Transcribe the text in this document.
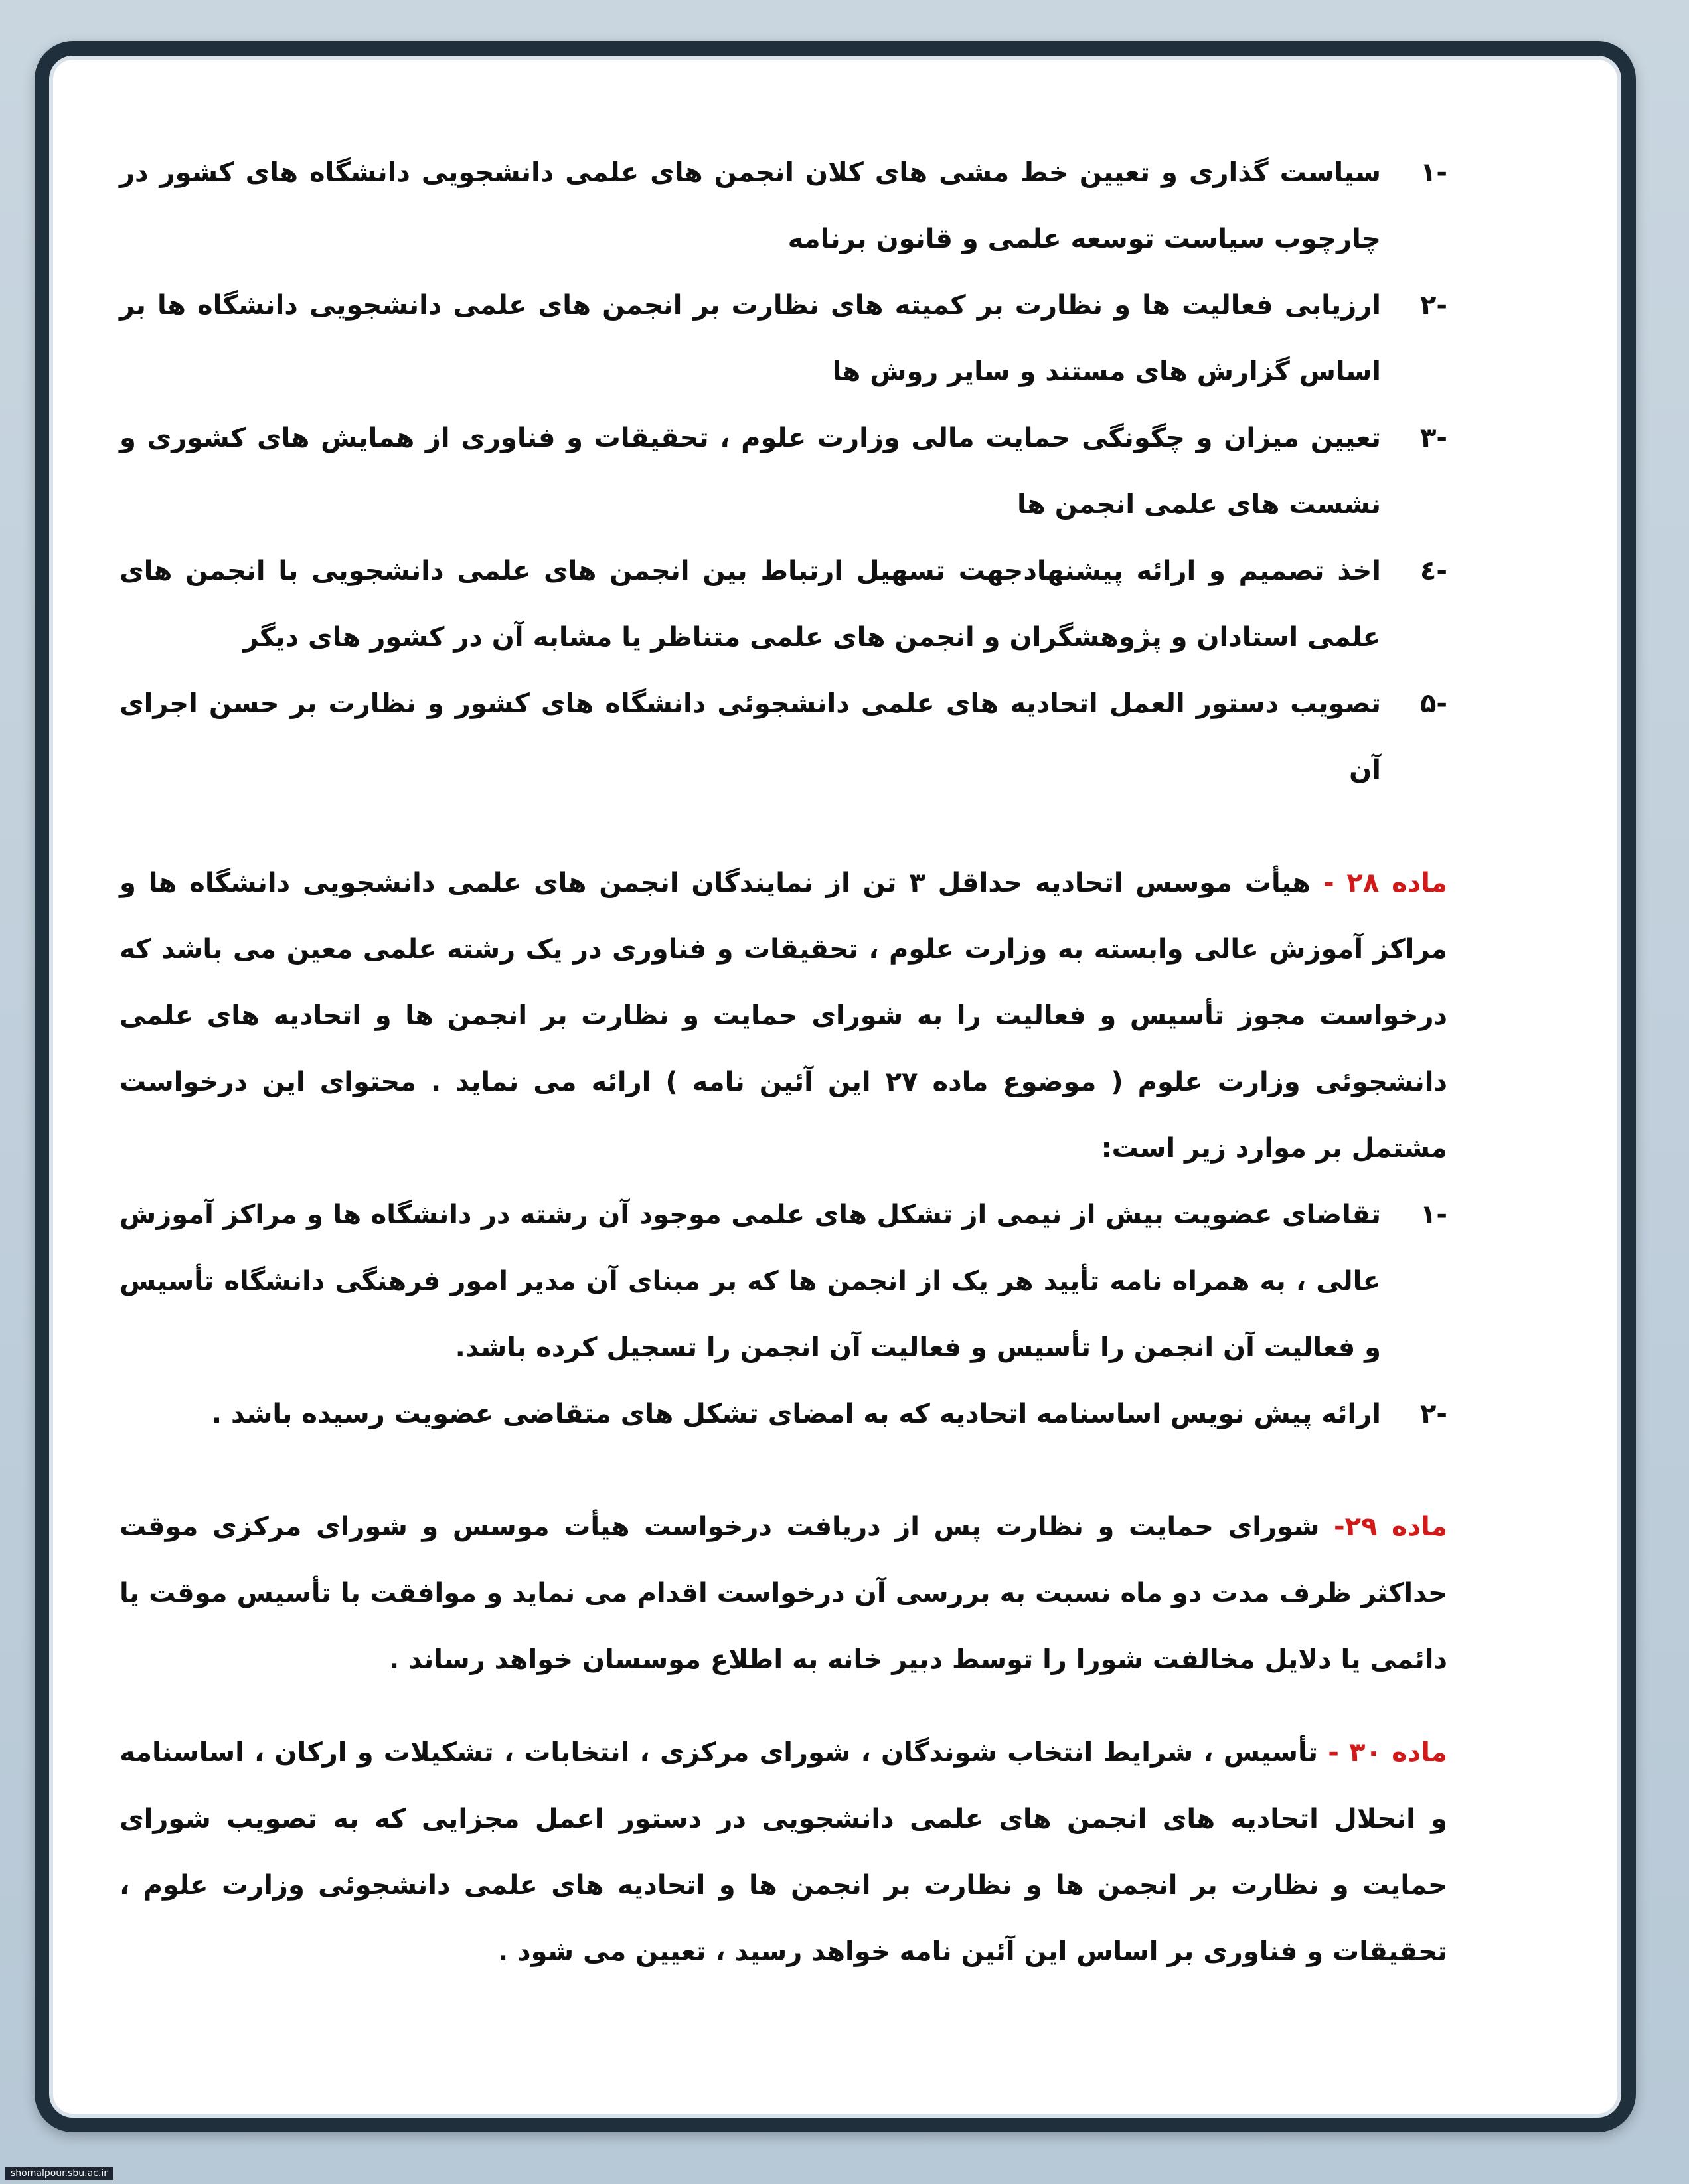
-۱
سیاست گذاری و تعیین خط مشی های کلان انجمن های علمی دانشجویی دانشگاه های کشور در چارچوب سیاست توسعه علمی و قانون برنامه
-۲
ارزیابی فعالیت ها و نظارت بر کمیته های نظارت بر انجمن های علمی دانشجویی دانشگاه ها بر اساس گزارش های مستند و سایر روش ها
-۳
تعیین میزان و چگونگی حمایت مالی وزارت علوم ، تحقیقات و فناوری از همایش های کشوری و نشست های علمی انجمن ها
-٤
اخذ تصمیم و ارائه پیشنهادجهت تسهیل ارتباط بین انجمن های علمی دانشجویی با انجمن های علمی استادان و پژوهشگران و انجمن های علمی متناظر یا مشابه آن در کشور های دیگر
-۵
تصویب دستور العمل اتحادیه های علمی دانشجوئی دانشگاه های کشور و نظارت بر حسن اجرای آن
ماده ۲۸ - هیأت موسس اتحادیه حداقل ۳ تن از نمایندگان انجمن های علمی دانشجویی دانشگاه ها و مراکز آموزش عالی وابسته به وزارت علوم ، تحقیقات و فناوری در یک رشته علمی معین می باشد که درخواست مجوز تأسیس و فعالیت را به شورای حمایت و نظارت بر انجمن ها و اتحادیه های علمی دانشجوئی وزارت علوم ( موضوع ماده ۲۷ این آئین نامه ) ارائه می نماید . محتوای این درخواست مشتمل بر موارد زیر است:
-۱
تقاضای عضویت بیش از نیمی از تشکل های علمی موجود آن رشته در دانشگاه ها و مراکز آموزش عالی ، به همراه نامه تأیید هر یک از انجمن ها که بر مبنای آن مدیر امور فرهنگی دانشگاه تأسیس و فعالیت آن انجمن را تأسیس و فعالیت آن انجمن را تسجیل کرده باشد.
-۲
ارائه پیش نویس اساسنامه اتحادیه که به امضای تشکل های متقاضی عضویت رسیده باشد .
ماده ۲۹- شورای حمایت و نظارت پس از دریافت درخواست هیأت موسس و شورای مرکزی موقت حداکثر ظرف مدت دو ماه نسبت به بررسی آن درخواست اقدام می نماید و موافقت با تأسیس موقت یا دائمی یا دلایل مخالفت شورا را توسط دبیر خانه به اطلاع موسسان خواهد رساند .
ماده ۳۰ - تأسیس ، شرایط انتخاب شوندگان ، شورای مرکزی ، انتخابات ، تشکیلات و ارکان ، اساسنامه و انحلال اتحادیه های انجمن های علمی دانشجویی در دستور اعمل مجزایی که به تصویب شورای حمایت و نظارت بر انجمن ها و نظارت بر انجمن ها و اتحادیه های علمی دانشجوئی وزارت علوم ، تحقیقات و فناوری بر اساس این آئین نامه خواهد رسید ، تعیین می شود .
shomalpour.sbu.ac.ir
